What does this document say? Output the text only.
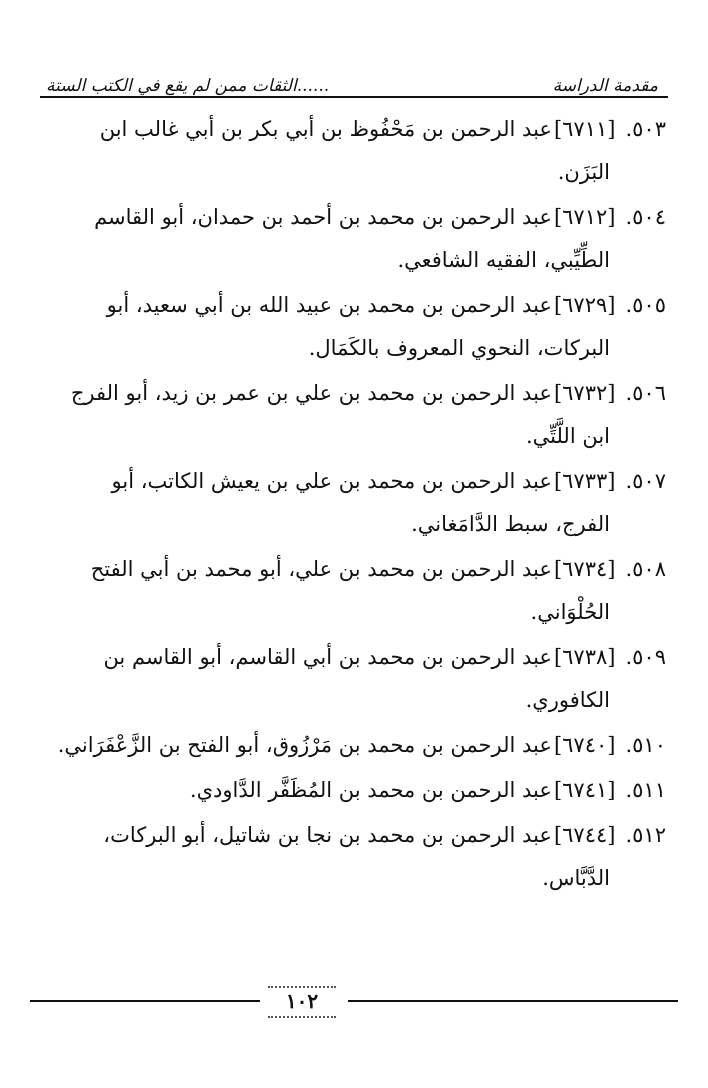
مقدمة الدراسة
......الثقات ممن لم يقع في الكتب الستة
٥٠٣.[٦٧١١]عبد الرحمن بن مَحْفُوظ بن أبي بكر بن أبي غالب ابن
البَزَن.
٥٠٤.[٦٧١٢]عبد الرحمن بن محمد بن أحمد بن حمدان، أبو القاسم
الطِّيِّبي، الفقيه الشافعي.
٥٠٥.[٦٧٢٩]عبد الرحمن بن محمد بن عبيد الله بن أبي سعيد، أبو
البركات، النحوي المعروف بالكَمَال.
٥٠٦.[٦٧٣٢]عبد الرحمن بن محمد بن علي بن عمر بن زيد، أبو الفرج
ابن اللَّتِّي.
٥٠٧.[٦٧٣٣]عبد الرحمن بن محمد بن علي بن يعيش الكاتب، أبو
الفرج، سبط الدَّامَغاني.
٥٠٨.[٦٧٣٤]عبد الرحمن بن محمد بن علي، أبو محمد بن أبي الفتح
الحُلْوَاني.
٥٠٩.[٦٧٣٨]عبد الرحمن بن محمد بن أبي القاسم، أبو القاسم بن
الكافوري.
٥١٠.[٦٧٤٠]عبد الرحمن بن محمد بن مَرْزُوق، أبو الفتح بن الزَّعْفَرَاني.
٥١١.[٦٧٤١]عبد الرحمن بن محمد بن المُظَفَّر الدَّاودي.
٥١٢.[٦٧٤٤]عبد الرحمن بن محمد بن نجا بن شاتيل، أبو البركات،
الدَّبَّاس.
١٠٢
